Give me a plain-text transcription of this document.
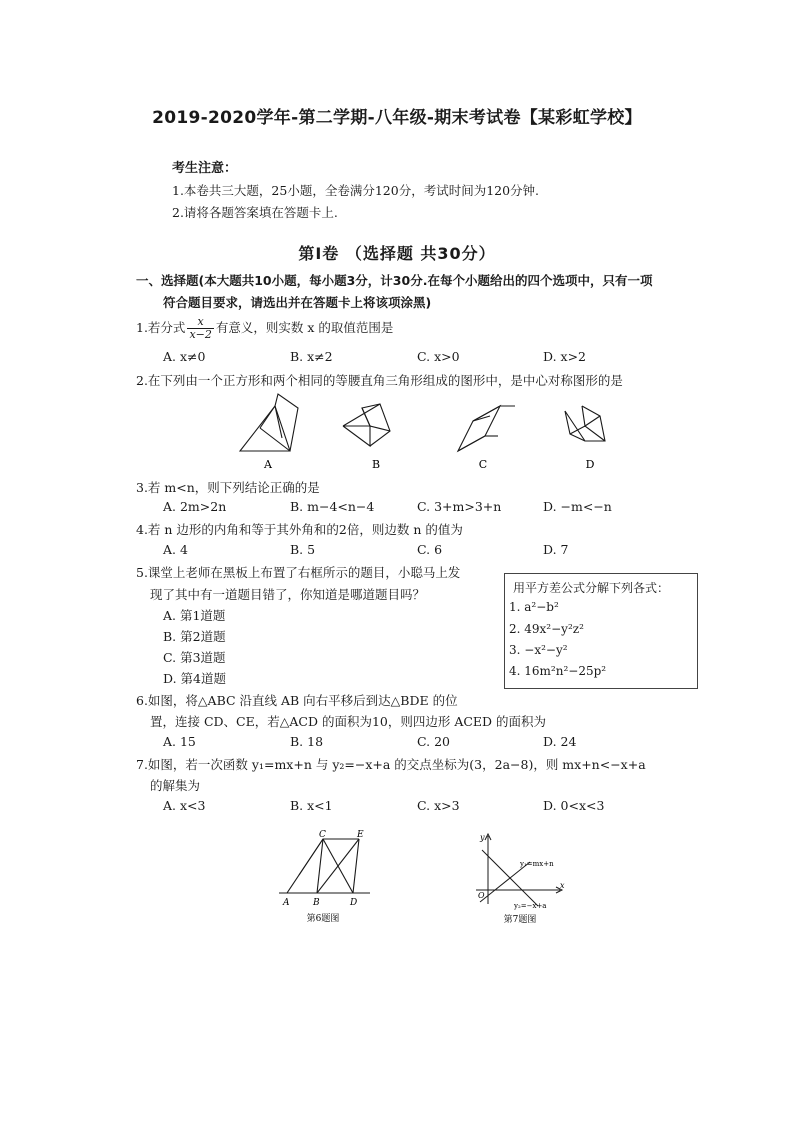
2019-2020学年-第二学期-八年级-期末考试卷【某彩虹学校】
考生注意：
1.本卷共三大题，25小题，全卷满分120分，考试时间为120分钟.
2.请将各题答案填在答题卡上.
第Ⅰ卷 （选择题 共30分）
一、选择题(本大题共10小题，每小题3分，计30分.在每个小题给出的四个选项中，只有一项
符合题目要求，请选出并在答题卡上将该项涂黑)
1.若分式 $\frac{x}{x-2}$ 有意义，则实数 x 的取值范围是
A. x≠0	B. x≠2	C. x>0	D. x>2
2.在下列由一个正方形和两个相同的等腰直角三角形组成的图形中，是中心对称图形的是
A	B	C	D
3.若 m<n，则下列结论正确的是
A. 2m>2n	B. m−4<n−4	C. 3+m>3+n	D. −m<−n
4.若 n 边形的内角和等于其外角和的2倍，则边数 n 的值为
A. 4	B. 5	C. 6	D. 7
5.课堂上老师在黑板上布置了右框所示的题目，小聪马上发
现了其中有一道题目错了，你知道是哪道题目吗？
A. 第1道题
B. 第2道题
C. 第3道题
D. 第4道题
用平方差公式分解下列各式：
1. a²−b²
2. 49x²−y²z²
3. −x²−y²
4. 16m²n²−25p²
6.如图，将△ABC 沿直线 AB 向右平移后到达△BDE 的位
置，连接 CD、CE，若△ACD 的面积为10，则四边形 ACED 的面积为
A. 15	B. 18	C. 20	D. 24
7.如图，若一次函数 y₁=mx+n 与 y₂=−x+a 的交点坐标为(3，2a−8)，则 mx+n<−x+a
的解集为
A. x<3	B. x<1	C. x>3	D. 0<x<3
A	B
C
D
E
第6题图
y
x
O
y₁=mx+n
y₂=−x+a
第7题图
